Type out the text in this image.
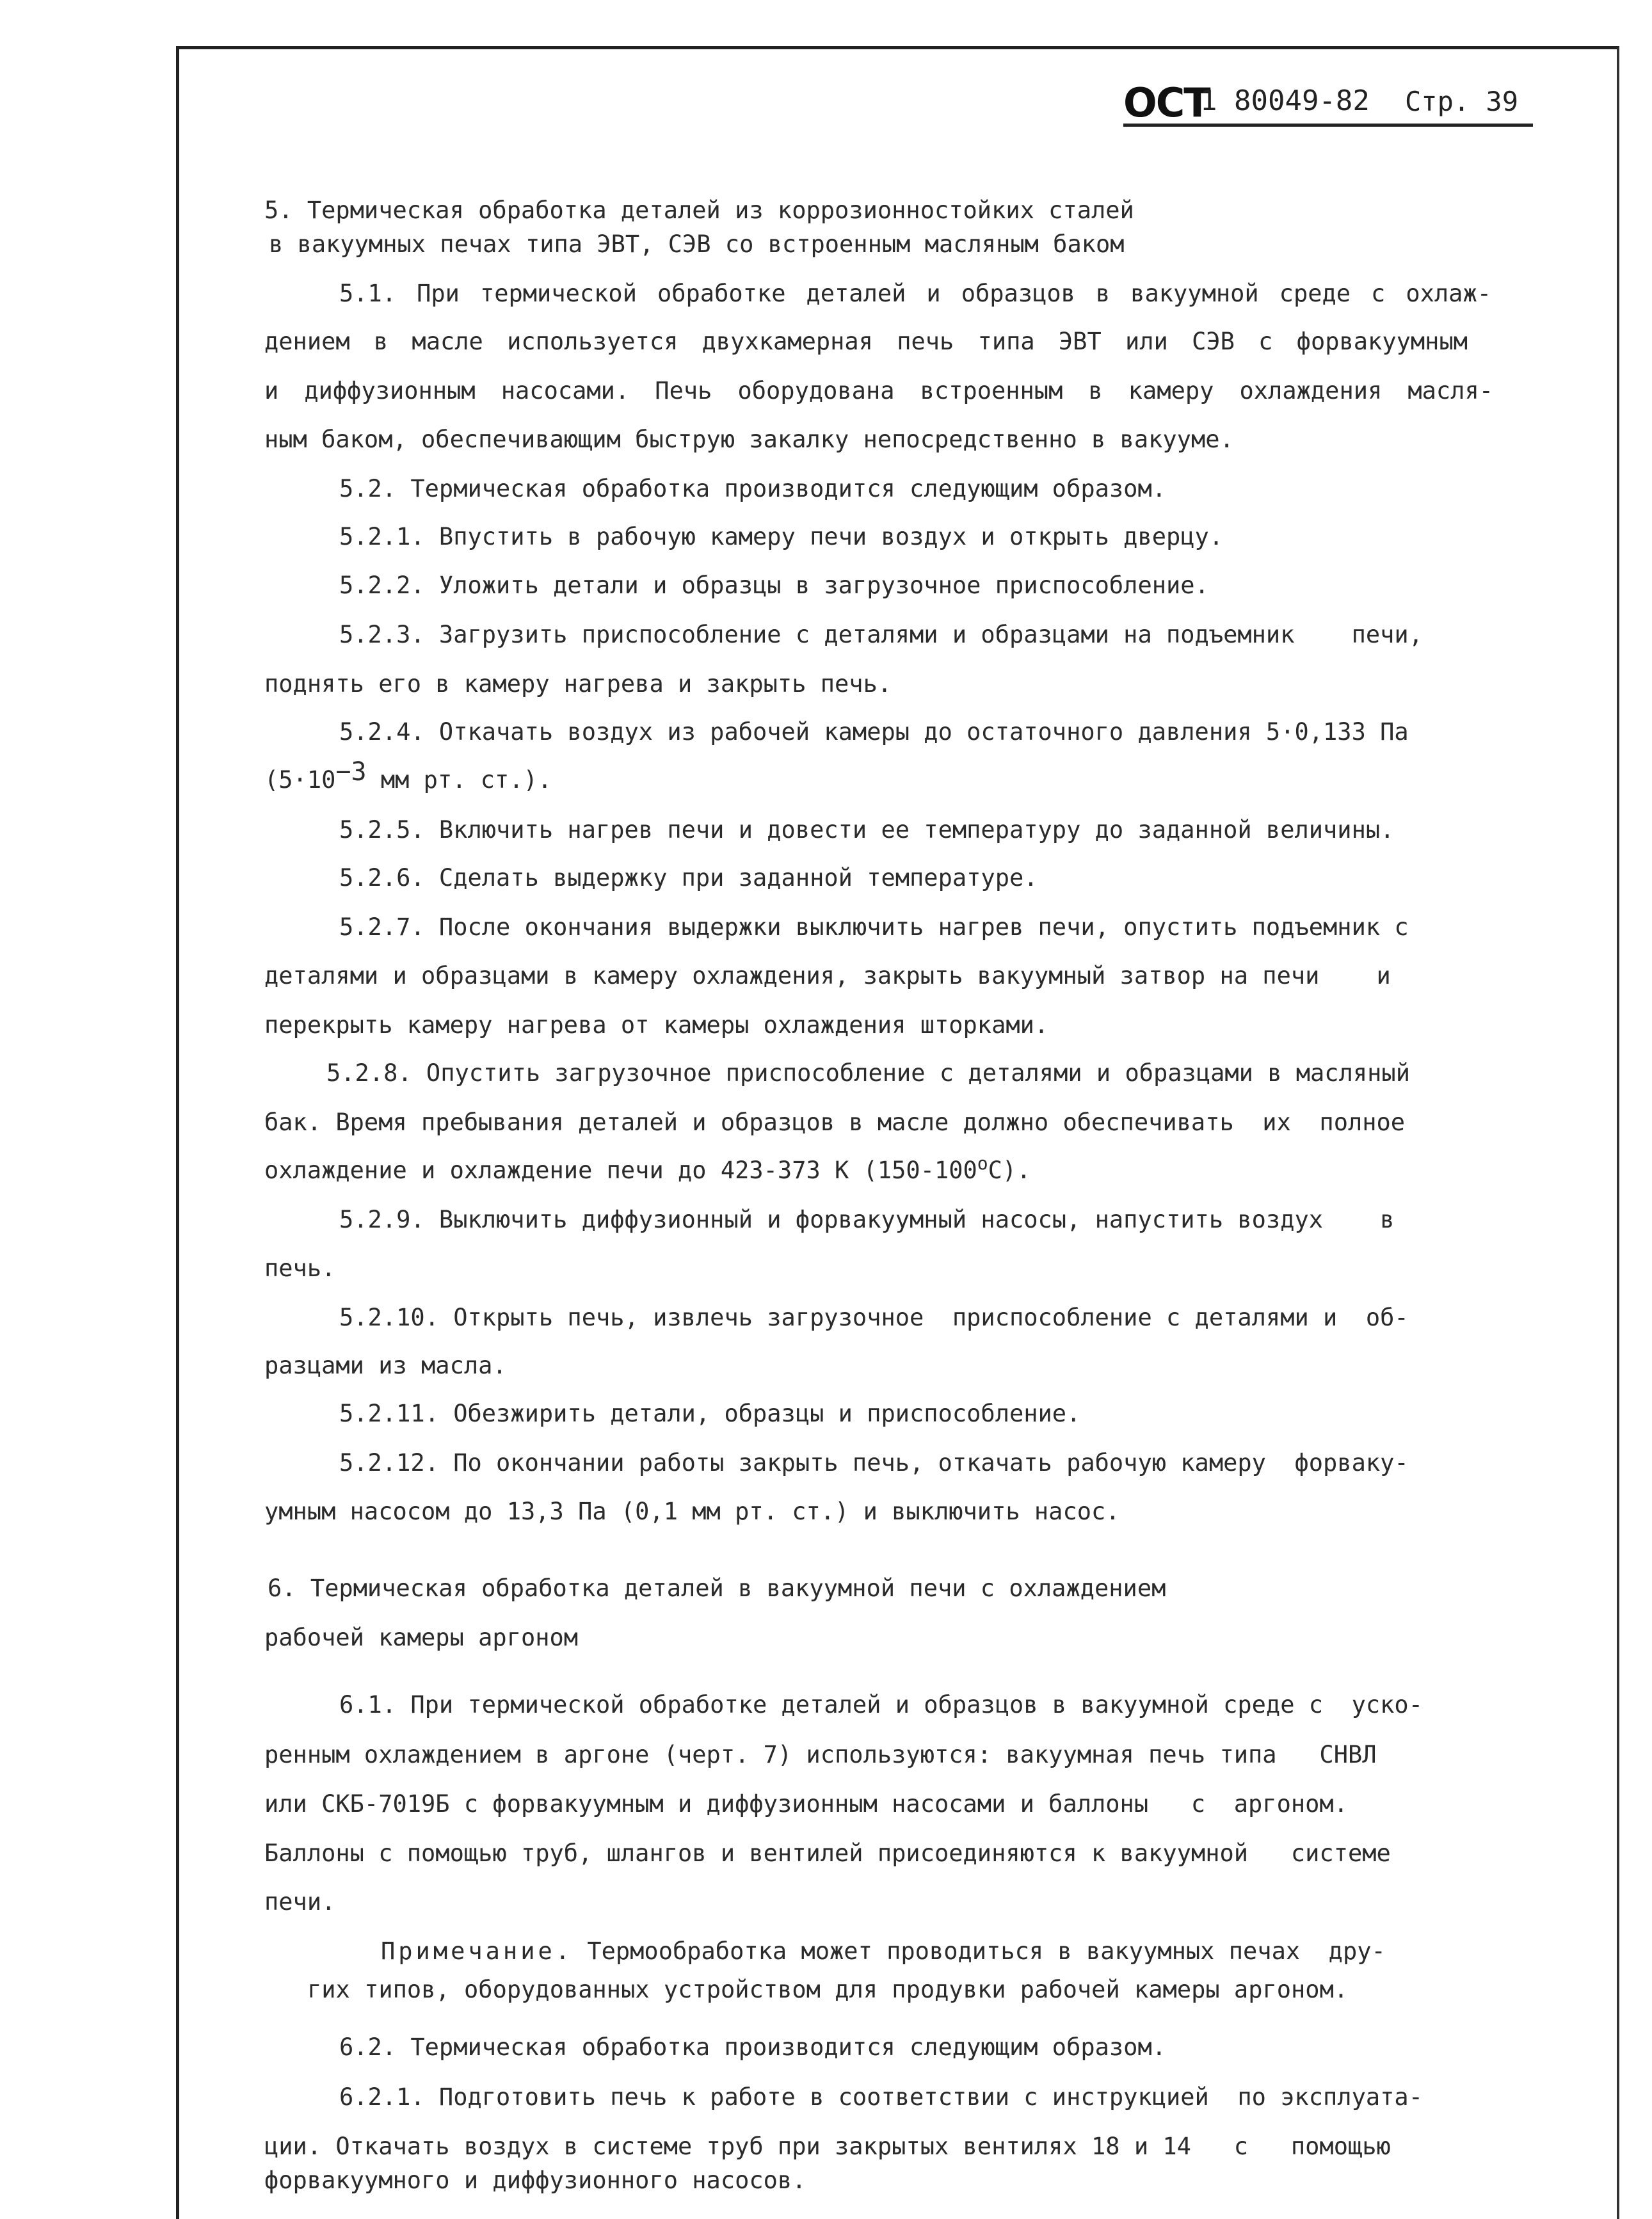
ОСТ
1 80049-82 Стр. 39
5. Термическая обработка деталей из коррозионностойких сталей
в вакуумных печах типа ЭВТ, СЭВ со встроенным масляным баком
5.1. При термической обработке деталей и образцов в вакуумной среде с охлаж-
дением в масле используется двухкамерная печь типа ЭВТ или СЭВ с форвакуумным
и диффузионным насосами. Печь оборудована встроенным в камеру охлаждения масля-
ным баком, обеспечивающим быструю закалку непосредственно в вакууме.
5.2. Термическая обработка производится следующим образом.
5.2.1. Впустить в рабочую камеру печи воздух и открыть дверцу.
5.2.2. Уложить детали и образцы в загрузочное приспособление.
5.2.3. Загрузить приспособление с деталями и образцами на подъемник    печи,
поднять его в камеру нагрева и закрыть печь.
5.2.4. Откачать воздух из рабочей камеры до остаточного давления 5·0,133 Па
($5\cdot 10^{-3}$ мм рт. ст.).
5.2.5. Включить нагрев печи и довести ее температуру до заданной величины.
5.2.6. Сделать выдержку при заданной температуре.
5.2.7. После окончания выдержки выключить нагрев печи, опустить подъемник с
деталями и образцами в камеру охлаждения, закрыть вакуумный затвор на печи    и
перекрыть камеру нагрева от камеры охлаждения шторками.
5.2.8. Опустить загрузочное приспособление с деталями и образцами в масляный
бак. Время пребывания деталей и образцов в масле должно обеспечивать  их  полное
охлаждение и охлаждение печи до 423-373 К (150-100$^o$С).
5.2.9. Выключить диффузионный и форвакуумный насосы, напустить воздух    в
печь.
5.2.10. Открыть печь, извлечь загрузочное  приспособление с деталями и  об-
разцами из масла.
5.2.11. Обезжирить детали, образцы и приспособление.
5.2.12. По окончании работы закрыть печь, откачать рабочую камеру  форваку-
умным насосом до 13,3 Па (0,1 мм рт. ст.) и выключить насос.
6. Термическая обработка деталей в вакуумной печи с охлаждением
рабочей камеры аргоном
6.1. При термической обработке деталей и образцов в вакуумной среде с  уско-
ренным охлаждением в аргоне (черт. 7) используются: вакуумная печь типа   СНВЛ
или СКБ-7019Б с форвакуумным и диффузионным насосами и баллоны   с  аргоном.
Баллоны с помощью труб, шлангов и вентилей присоединяются к вакуумной   системе
печи.
Примечание. Термообработка может проводиться в вакуумных печах  дру-
гих типов, оборудованных устройством для продувки рабочей камеры аргоном.
6.2. Термическая обработка производится следующим образом.
6.2.1. Подготовить печь к работе в соответствии с инструкцией  по эксплуата-
ции. Откачать воздух в системе труб при закрытых вентилях 18 и 14   с   помощью
форвакуумного и диффузионного насосов.
